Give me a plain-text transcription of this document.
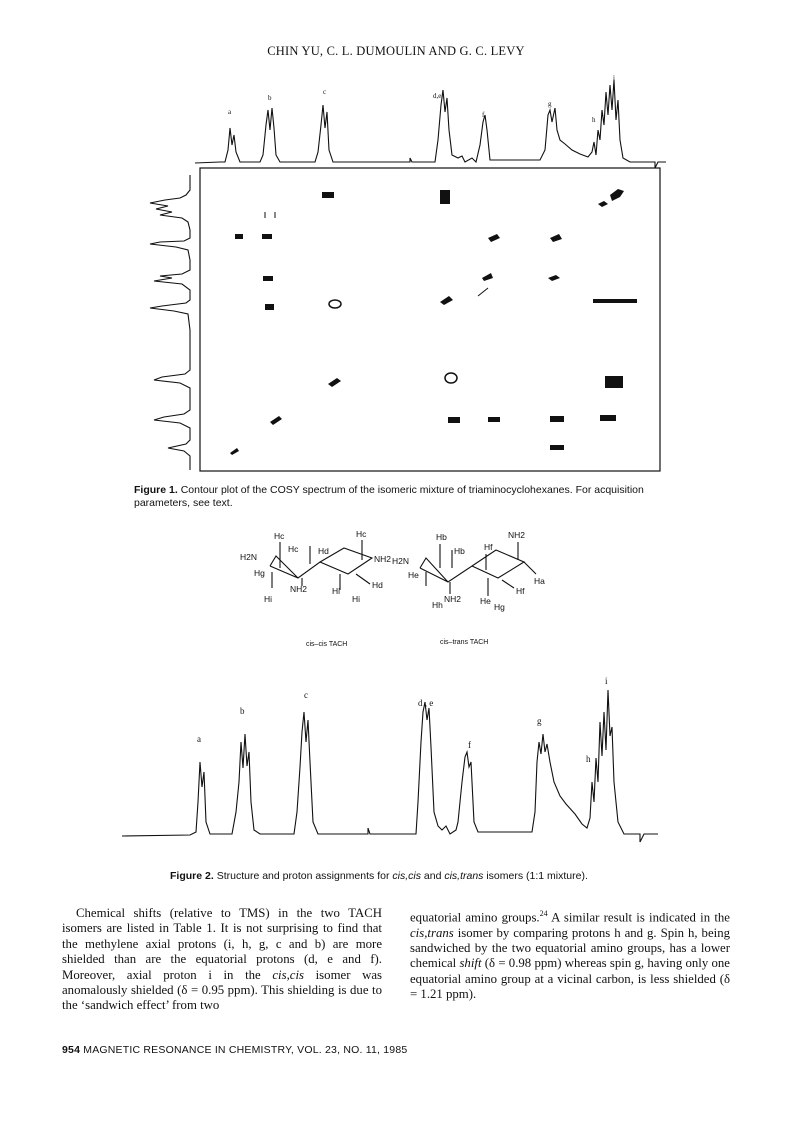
CHIN YU, C. L. DUMOULIN AND G. C. LEVY
a
b
c	d,e
f
g
h
i
Figure 1. Contour plot of the COSY spectrum of the isomeric mixture of triaminocyclohexanes. For acquisition parameters, see text.
Hc
Hc Hd
Hc
H2N	NH2
Hg
NH2
Hi
Hd
Hi
Hi
Hb
Hb Hf
NH2
H2N
He
Ha
Hf
NH2
Hh	He
Hg
cis–cis TACH	cis–trans TACH
a
b
c
d , e
f
g
h
i
Figure 2. Structure and proton assignments for cis,cis and cis,trans isomers (1:1 mixture).
Chemical shifts (relative to TMS) in the two TACH isomers are listed in Table 1. It is not surprising to find that the methylene axial protons (i, h, g, c and b) are more shielded than are the equatorial protons (d, e and f). Moreover, axial proton i in the cis,cis isomer was anomalously shielded (δ = 0.95 ppm). This shielding is due to the ‘sandwich effect’ from two
equatorial amino groups.$^{24}$ A similar result is indicated in the cis,trans isomer by comparing protons h and g. Spin h, being sandwiched by the two equatorial amino groups, has a lower chemical shift (δ = 0.98 ppm) whereas spin g, having only one equatorial amino group at a vicinal carbon, is less shielded (δ = 1.21 ppm).
954 MAGNETIC RESONANCE IN CHEMISTRY, VOL. 23, NO. 11, 1985
